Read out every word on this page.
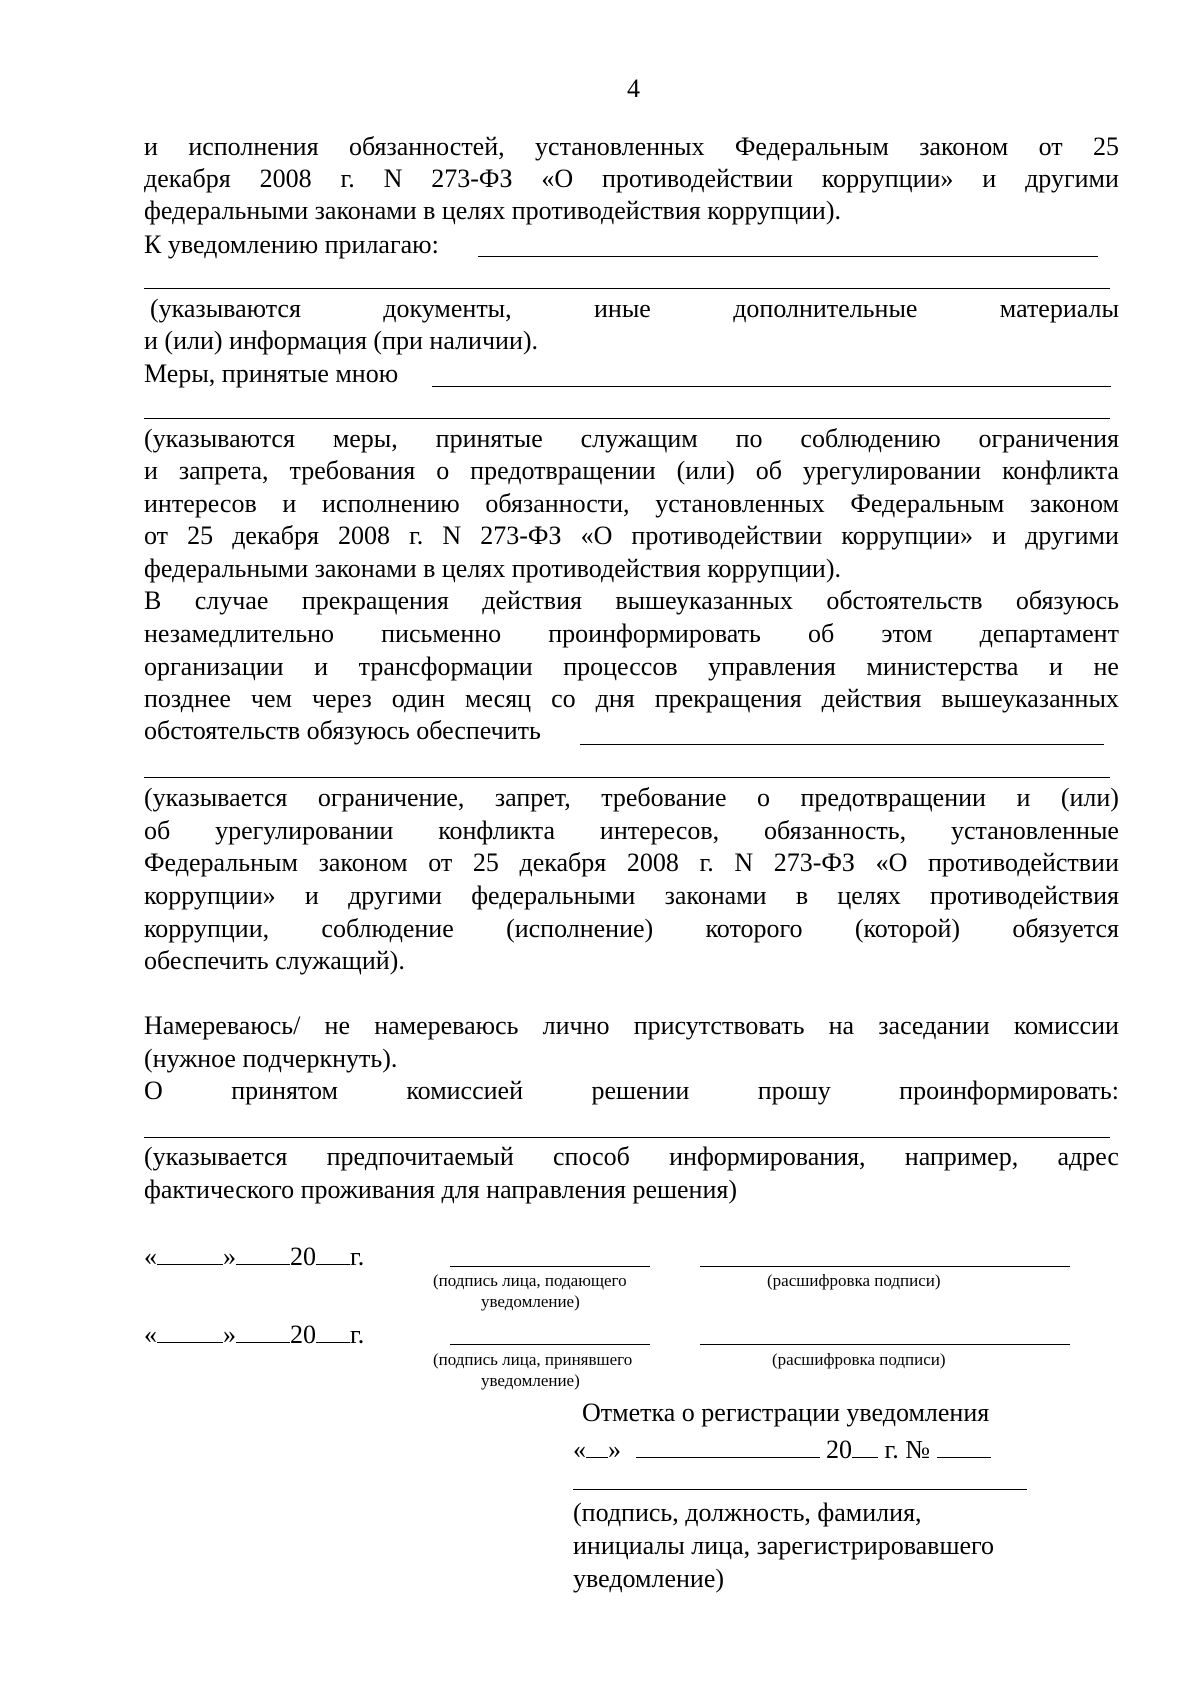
4
и исполнения обязанностей, установленных Федеральным законом от 25
декабря 2008 г. N 273-ФЗ «О противодействии коррупции» и другими
федеральными законами в целях противодействия коррупции).
К уведомлению прилагаю:
(указываются	документы,	иные	дополнительные	материалы
и (или) информация (при наличии).
Меры, принятые мною
(указываются меры, принятые служащим по соблюдению ограничения
и запрета, требования о предотвращении (или) об урегулировании конфликта
интересов и исполнению обязанности, установленных Федеральным законом
от 25 декабря 2008 г. N 273-ФЗ «О противодействии коррупции» и другими
федеральными законами в целях противодействия коррупции).
В случае прекращения действия вышеуказанных обстоятельств обязуюсь
незамедлительно письменно проинформировать об этом департамент
организации и трансформации процессов управления министерства и не
позднее чем через один месяц со дня прекращения действия вышеуказанных
обстоятельств обязуюсь обеспечить
(указывается ограничение, запрет, требование о предотвращении и (или)
об урегулировании конфликта интересов, обязанность, установленные
Федеральным законом от 25 декабря 2008 г. N 273-ФЗ «О противодействии
коррупции» и другими федеральными законами в целях противодействия
коррупции, соблюдение (исполнение) которого (которой) обязуется
обеспечить служащий).
Намереваюсь/ не намереваюсь лично присутствовать на заседании комиссии
(нужное подчеркнуть).
О	принятом	комиссией	решении	прошу	проинформировать:
(указывается предпочитаемый способ информирования, например, адрес
фактического проживания для направления решения)
«	» 20 г.
(подпись лица, подающего
уведомление)
(расшифровка подписи)
«	» 20 г.
(подпись лица, принявшего
уведомление)
(расшифровка подписи)
Отметка о регистрации уведомления
« »	20 г. №
(подпись, должность, фамилия,
инициалы лица, зарегистрировавшего
уведомление)
